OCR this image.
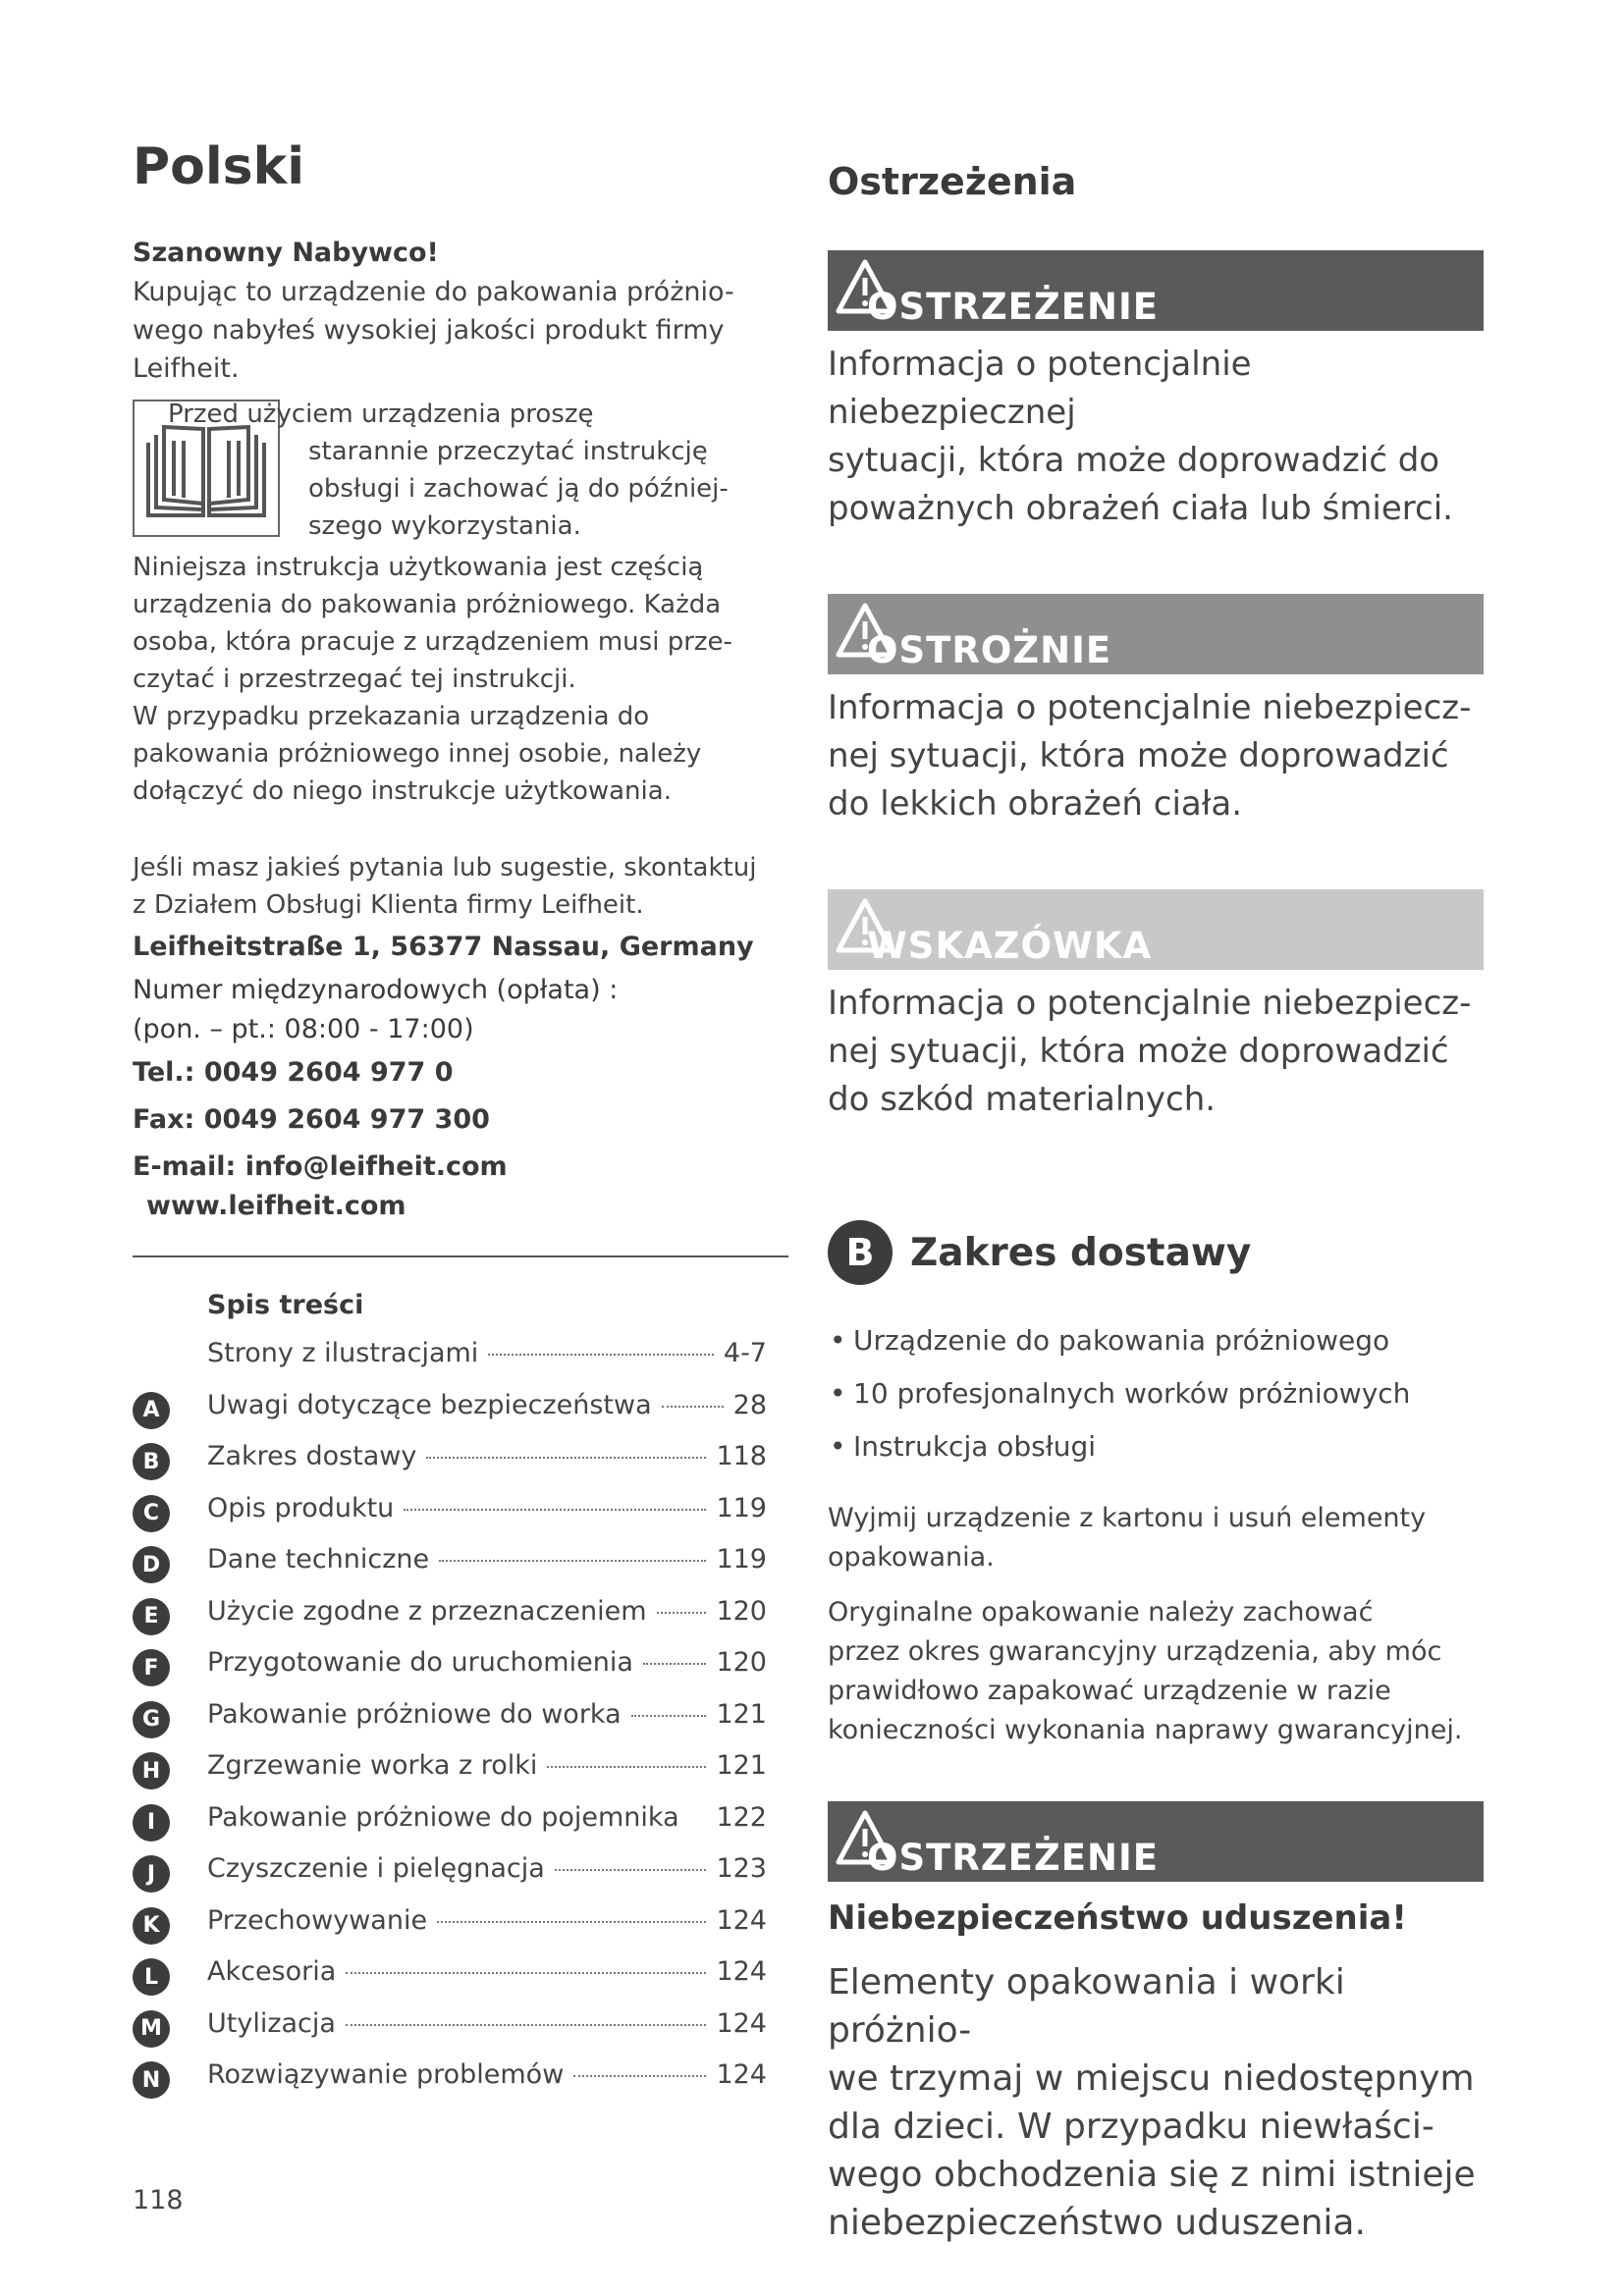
Polski
Szanowny Nabywco!

Kupując to urządzenie do pakowania próżnio-
wego nabyłeś wysokiej jakości produkt firmy
Leifheit.

Przed użyciem urządzenia proszę
starannie przeczytać instrukcję
obsługi i zachować ją do później-
szego wykorzystania.

Niniejsza instrukcja użytkowania jest częścią
urządzenia do pakowania próżniowego. Każda
osoba, która pracuje z urządzeniem musi prze-
czytać i przestrzegać tej instrukcji.
W przypadku przekazania urządzenia do
pakowania próżniowego innej osobie, należy
dołączyć do niego instrukcje użytkowania.

Jeśli masz jakieś pytania lub sugestie, skontaktuj
z Działem Obsługi Klienta firmy Leifheit.

Leifheitstraße 1, 56377 Nassau, Germany
Numer międzynarodowych (opłata) :
(pon. – pt.: 08:00 - 17:00)
Tel.: 0049 2604 977 0
Fax: 0049 2604 977 300
E-mail: info@leifheit.com
www.leifheit.com
Spis treści
Strony z ilustracjami	4-7
A	Uwagi dotyczące bezpieczeństwa	28
B	Zakres dostawy	118
C	Opis produktu	119
D	Dane techniczne	119
E	Użycie zgodne z przeznaczeniem	120
F	Przygotowanie do uruchomienia	120
G	Pakowanie próżniowe do worka	121
H	Zgrzewanie worka z rolki	121
I	Pakowanie próżniowe do pojemnika 122
J	Czyszczenie i pielęgnacja	123
K	Przechowywanie	124
L	Akcesoria	124
M Utylizacja	124
N	Rozwiązywanie problemów	124
118
Ostrzeżenia
OSTRZEŻENIE

Informacja o potencjalnie niebezpiecznej
sytuacji, która może doprowadzić do
poważnych obrażeń ciała lub śmierci.

OSTROŻNIE

Informacja o potencjalnie niebezpiecz-
nej sytuacji, która może doprowadzić
do lekkich obrażeń ciała.

WSKAZÓWKA

Informacja o potencjalnie niebezpiecz-
nej sytuacji, która może doprowadzić
do szkód materialnych.

B Zakres dostawy
• Urządzenie do pakowania próżniowego
• 10 profesjonalnych worków próżniowych
• Instrukcja obsługi

Wyjmij urządzenie z kartonu i usuń elementy
opakowania.

Oryginalne opakowanie należy zachować
przez okres gwarancyjny urządzenia, aby móc
prawidłowo zapakować urządzenie w razie
konieczności wykonania naprawy gwarancyjnej.

OSTRZEŻENIE
Niebezpieczeństwo uduszenia!
Elementy opakowania i worki próżnio-
we trzymaj w miejscu niedostępnym
dla dzieci. W przypadku niewłaści-
wego obchodzenia się z nimi istnieje
niebezpieczeństwo uduszenia.
